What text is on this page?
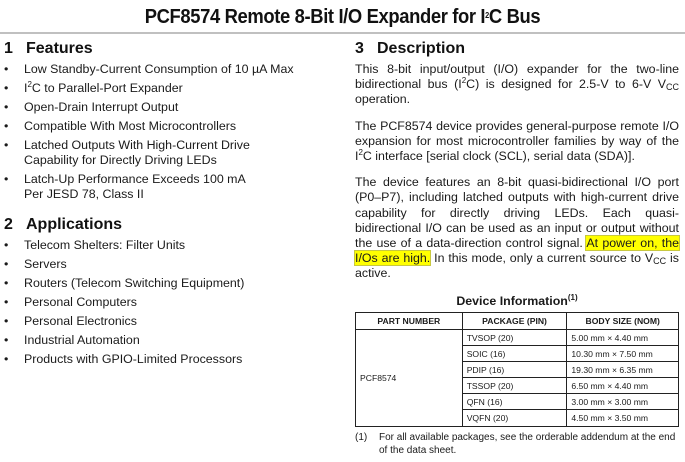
PCF8574 Remote 8-Bit I/O Expander for $I^2C$ Bus
1 Features
• Low Standby-Current Consumption of 10 µA Max
• $I^2C$ to Parallel-Port Expander
• Open-Drain Interrupt Output
• Compatible With Most Microcontrollers
• Latched Outputs With High-Current Drive
Capability for Directly Driving LEDs
• Latch-Up Performance Exceeds 100 mA
Per JESD 78, Class II
2 Applications
• Telecom Shelters: Filter Units
• Servers
• Routers (Telecom Switching Equipment)
• Personal Computers
• Personal Electronics
• Industrial Automation
• Products with GPIO-Limited Processors
3 Description

This 8-bit input/output (I/O) expander for the two-line bidirectional bus $(I^2C)$ is designed for 2.5-V to 6-V $V_{CC}$ operation.

The PCF8574 device provides general-purpose remote I/O expansion for most microcontroller families by way of the $I^2C$ interface [serial clock (SCL), serial data (SDA)].

The device features an 8-bit quasi-bidirectional I/O port (P0–P7), including latched outputs with high-current drive capability for directly driving LEDs. Each quasi-bidirectional I/O can be used as an input or output without the use of a data-direction control signal. At power on, the I/Os are high. In this mode, only a current source to $V_{CC}$ is active.

Device Information$^{(1)}$
PART NUMBER	PACKAGE (PIN)	BODY SIZE (NOM)
PCF8574	TVSOP (20)	5.00 mm × 4.40 mm
	SOIC (16)	10.30 mm × 7.50 mm
	PDIP (16)	19.30 mm × 6.35 mm
	TSSOP (20)	6.50 mm × 4.40 mm
	QFN (16)	3.00 mm × 3.00 mm
	VQFN (20)	4.50 mm × 3.50 mm
(1) For all available packages, see the orderable addendum at the end of the data sheet.
